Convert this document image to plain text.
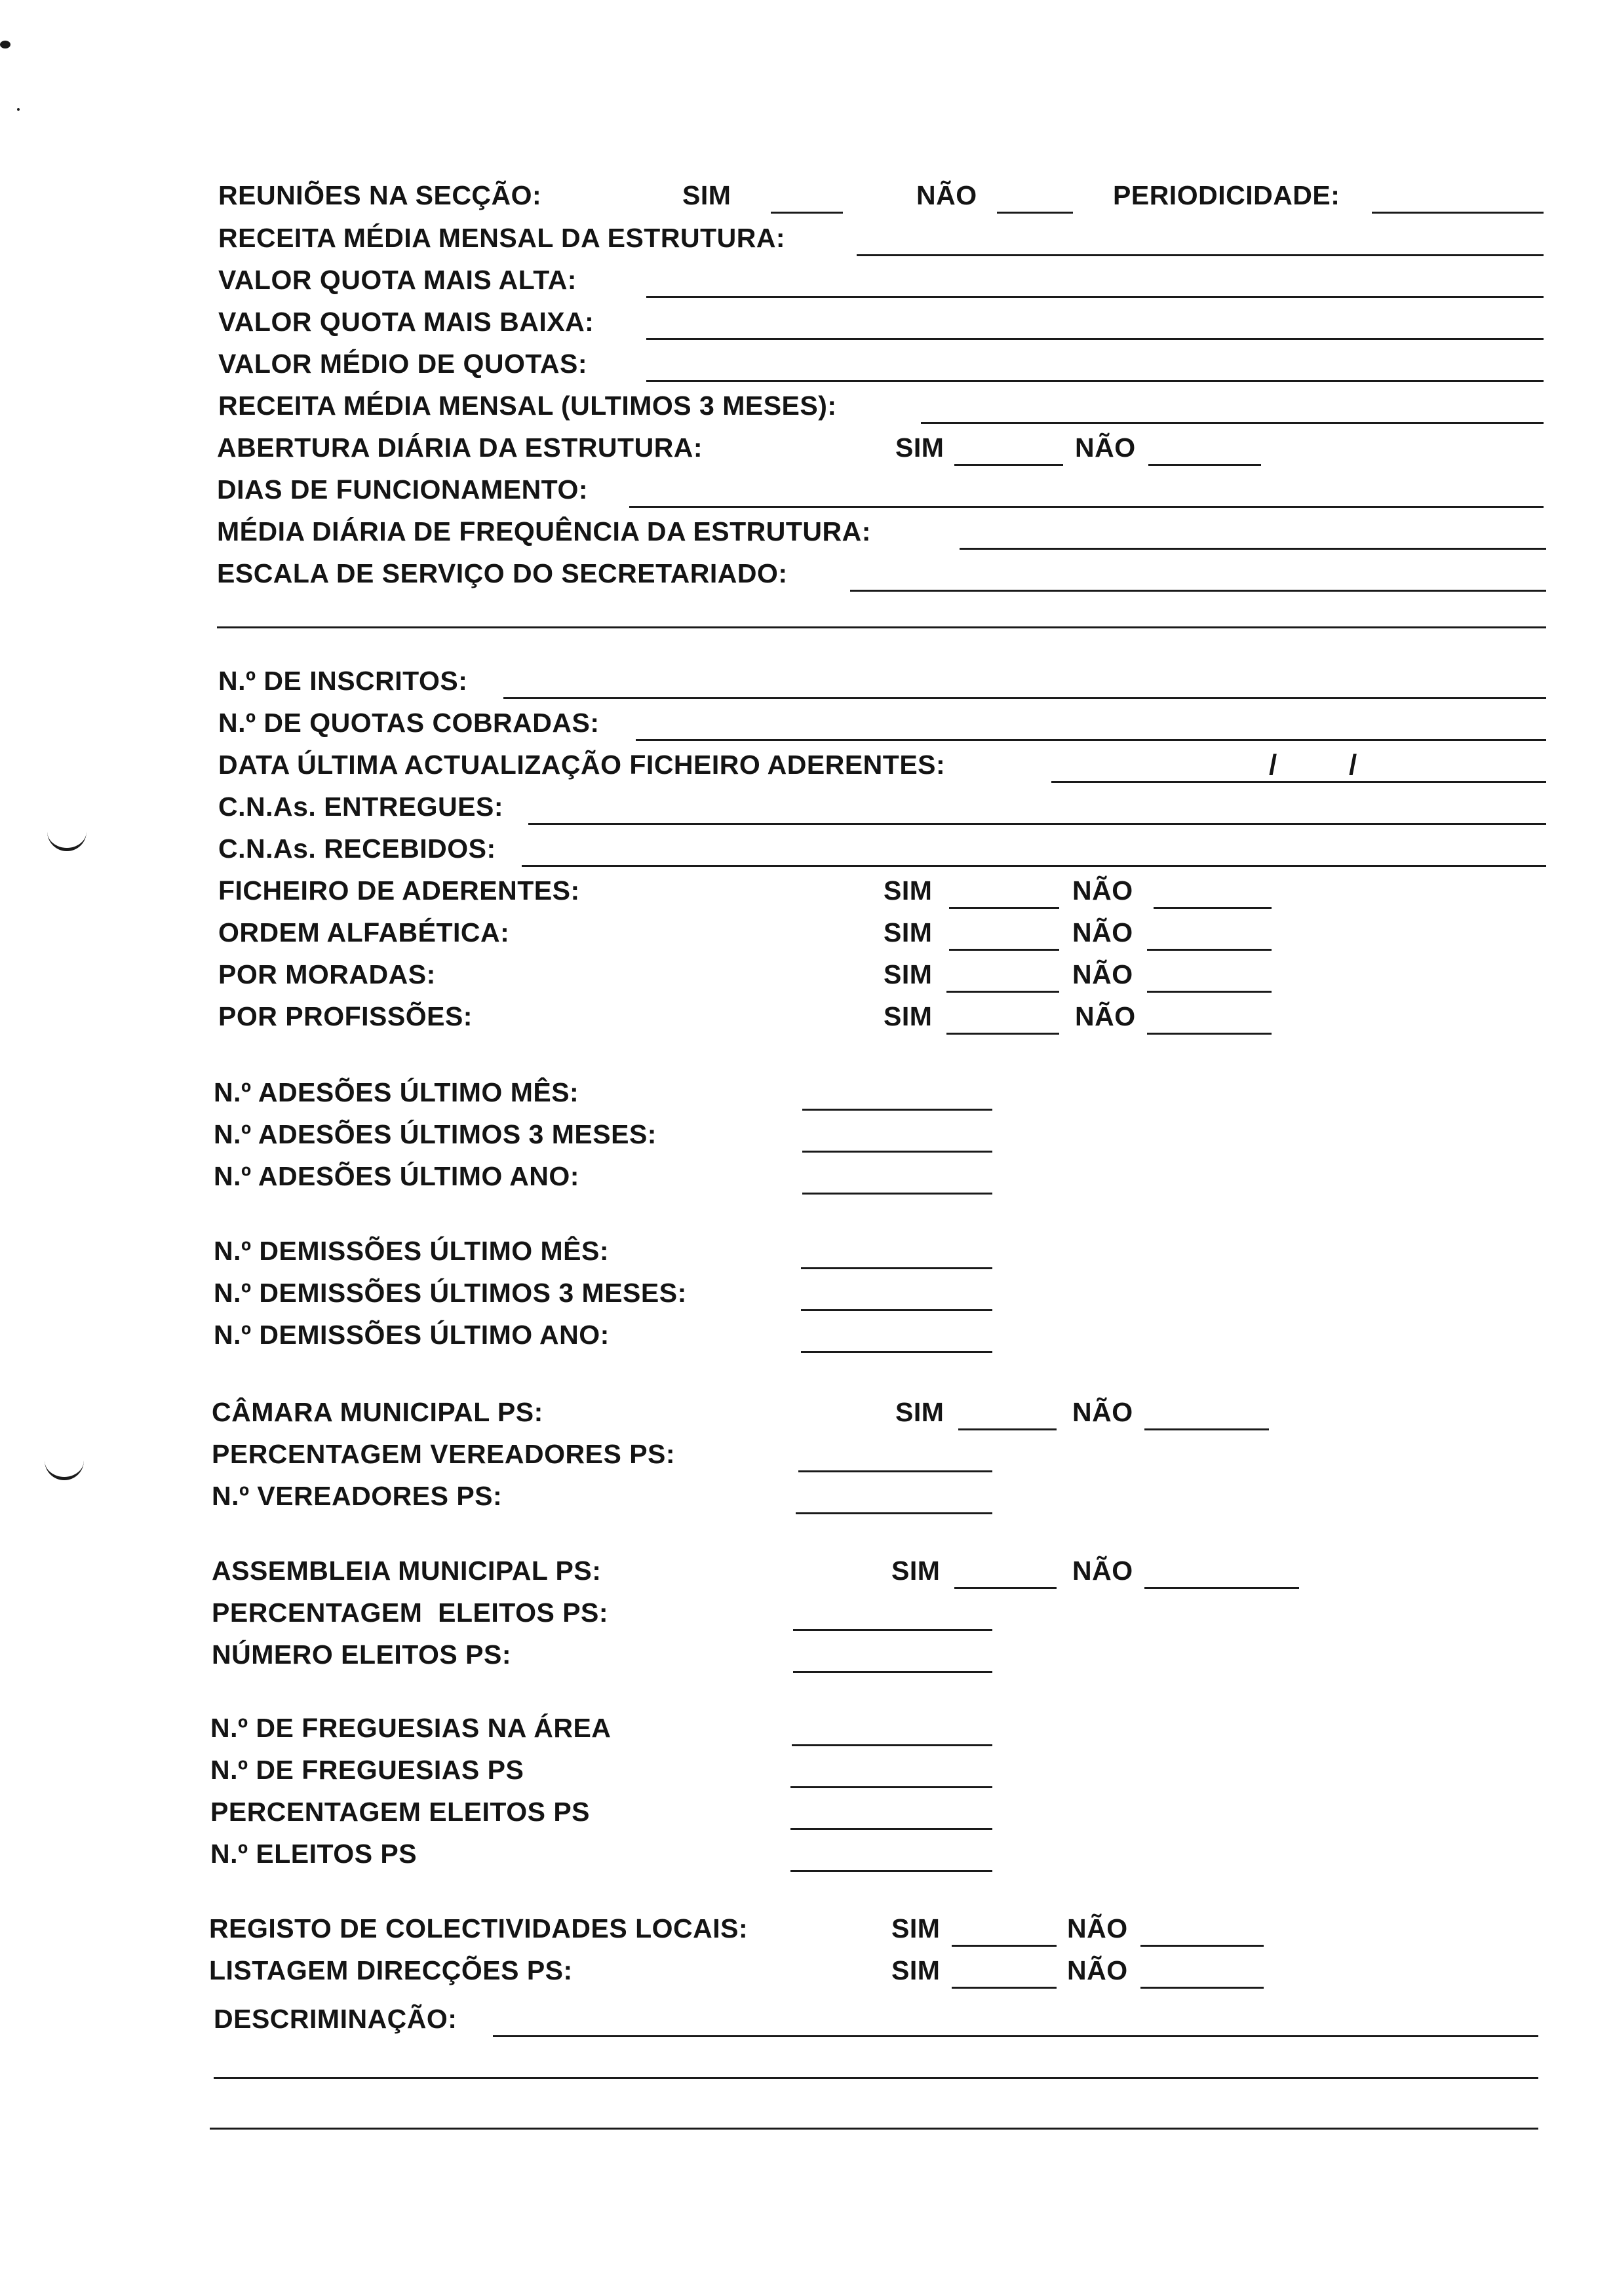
REUNIÕES NA SECÇÃO:	SIM	NÃO	PERIODICIDADE:
RECEITA MÉDIA MENSAL DA ESTRUTURA:
VALOR QUOTA MAIS ALTA:
VALOR QUOTA MAIS BAIXA:
VALOR MÉDIO DE QUOTAS:
RECEITA MÉDIA MENSAL (ULTIMOS 3 MESES):
ABERTURA DIÁRIA DA ESTRUTURA:	SIM	NÃO
DIAS DE FUNCIONAMENTO:
MÉDIA DIÁRIA DE FREQUÊNCIA DA ESTRUTURA:
ESCALA DE SERVIÇO DO SECRETARIADO:
N.º DE INSCRITOS:
N.º DE QUOTAS COBRADAS:
DATA ÚLTIMA ACTUALIZAÇÃO FICHEIRO ADERENTES:	/ /
C.N.As. ENTREGUES:
C.N.As. RECEBIDOS:
FICHEIRO DE ADERENTES:	SIM	NÃO
ORDEM ALFABÉTICA:	SIM	NÃO
POR MORADAS:	SIM	NÃO
POR PROFISSÕES:	SIM	NÃO
N.º ADESÕES ÚLTIMO MÊS:
N.º ADESÕES ÚLTIMOS 3 MESES:
N.º ADESÕES ÚLTIMO ANO:
N.º DEMISSÕES ÚLTIMO MÊS:
N.º DEMISSÕES ÚLTIMOS 3 MESES:
N.º DEMISSÕES ÚLTIMO ANO:
CÂMARA MUNICIPAL PS:	SIM	NÃO
PERCENTAGEM VEREADORES PS:
N.º VEREADORES PS:
ASSEMBLEIA MUNICIPAL PS:	SIM	NÃO
PERCENTAGEM  ELEITOS PS:
NÚMERO ELEITOS PS:
N.º DE FREGUESIAS NA ÁREA
N.º DE FREGUESIAS PS
PERCENTAGEM ELEITOS PS
N.º ELEITOS PS
REGISTO DE COLECTIVIDADES LOCAIS:	SIM	NÃO
LISTAGEM DIRECÇÕES PS:	SIM	NÃO
DESCRIMINAÇÃO:
